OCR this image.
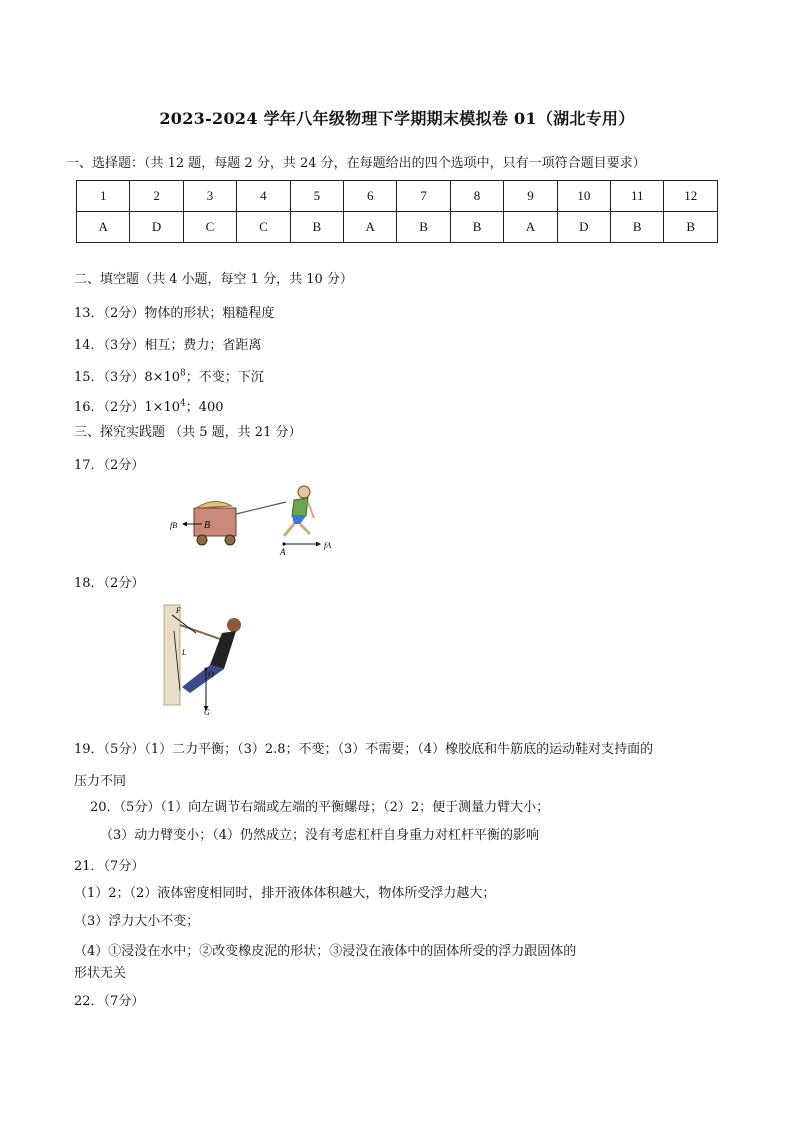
2023-2024 学年八年级物理下学期期末模拟卷 01（湖北专用）
一、选择题：（共 12 题，每题 2 分，共 24 分，在每题给出的四个选项中，只有一项符合题目要求）
1	2	3	4	5	6	7	8	9	10	11	12
A	D	C	C	B	A	B	B	A	D	B	B
二、填空题（共 4 小题，每空 1 分，共 10 分）
13．（2分）物体的形状；粗糙程度
14．（3分）相互；费力；省距离
15．（3分）$8\times 10^8$；不变；下沉
16．（2分）$1\times 10^4$；400
三、探究实践题 （共 5 题，共 21 分）
17．（2分）
fB	B
A
fA
18．（2分）
F
L
O
G
19．（5分）（1）二力平衡；（3）2.8；不变；（3）不需要；（4）橡胶底和牛筋底的运动鞋对支持面的
压力不同
20．（5分）（1）向左调节右端或左端的平衡螺母；（2）2；便于测量力臂大小；
（3）动力臂变小；（4）仍然成立；没有考虑杠杆自身重力对杠杆平衡的影响
21．（7分）
（1）2；（2）液体密度相同时，排开液体体积越大，物体所受浮力越大；
（3）浮力大小不变；
（4）①浸没在水中；②改变橡皮泥的形状；③浸没在液体中的固体所受的浮力跟固体的
形状无关
22．（7分）
